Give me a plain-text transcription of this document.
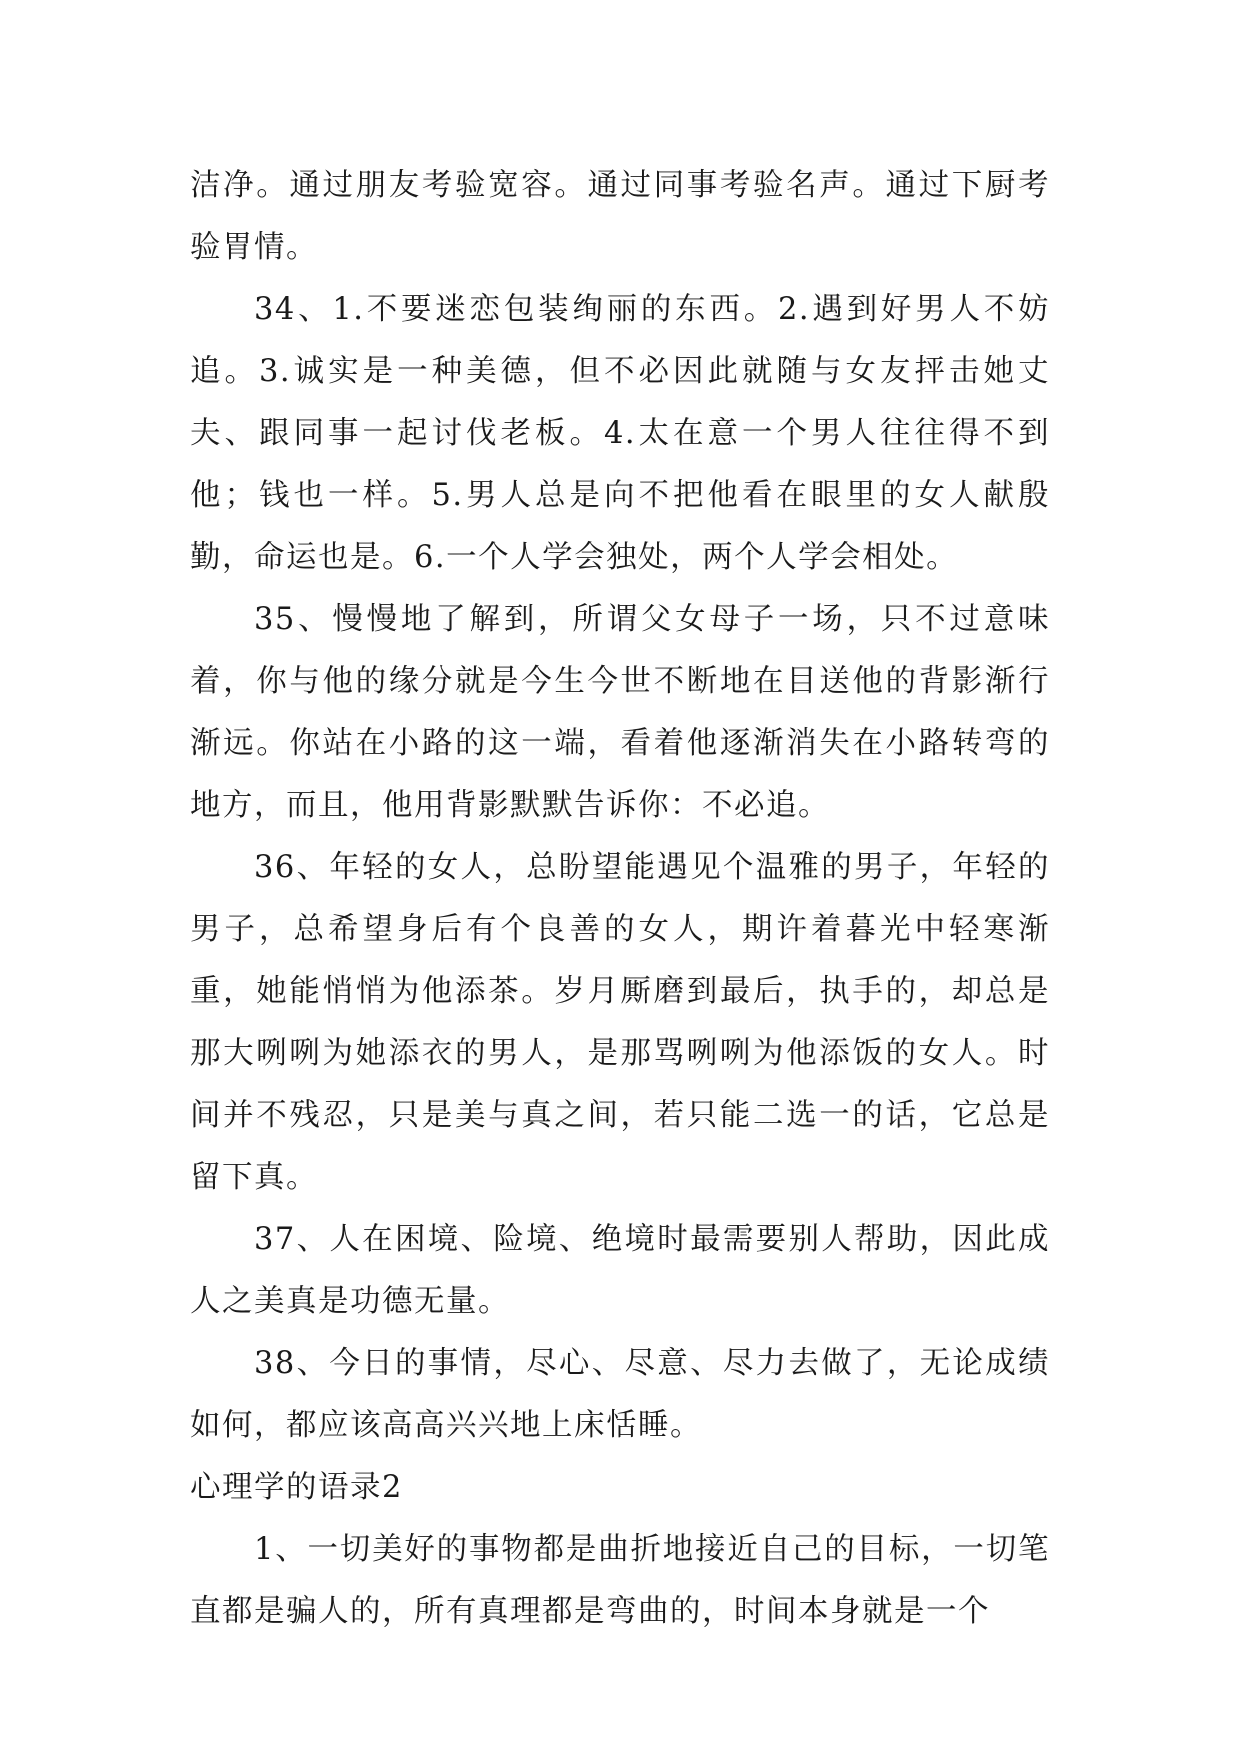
洁净。通过朋友考验宽容。通过同事考验名声。通过下厨考验胃情。

34、1.不要迷恋包装绚丽的东西。2.遇到好男人不妨追。3.诚实是一种美德，但不必因此就随与女友抨击她丈夫、跟同事一起讨伐老板。4.太在意一个男人往往得不到他；钱也一样。5.男人总是向不把他看在眼里的女人献殷勤，命运也是。6.一个人学会独处，两个人学会相处。

35、慢慢地了解到，所谓父女母子一场，只不过意味着，你与他的缘分就是今生今世不断地在目送他的背影渐行渐远。你站在小路的这一端，看着他逐渐消失在小路转弯的地方，而且，他用背影默默告诉你：不必追。

36、年轻的女人，总盼望能遇见个温雅的男子，年轻的男子，总希望身后有个良善的女人，期许着暮光中轻寒渐重，她能悄悄为他添茶。岁月厮磨到最后，执手的，却总是那大咧咧为她添衣的男人，是那骂咧咧为他添饭的女人。时间并不残忍，只是美与真之间，若只能二选一的话，它总是留下真。

37、人在困境、险境、绝境时最需要别人帮助，因此成人之美真是功德无量。

38、今日的事情，尽心、尽意、尽力去做了，无论成绩如何，都应该高高兴兴地上床恬睡。

心理学的语录2

1、一切美好的事物都是曲折地接近自己的目标，一切笔直都是骗人的，所有真理都是弯曲的，时间本身就是一个
